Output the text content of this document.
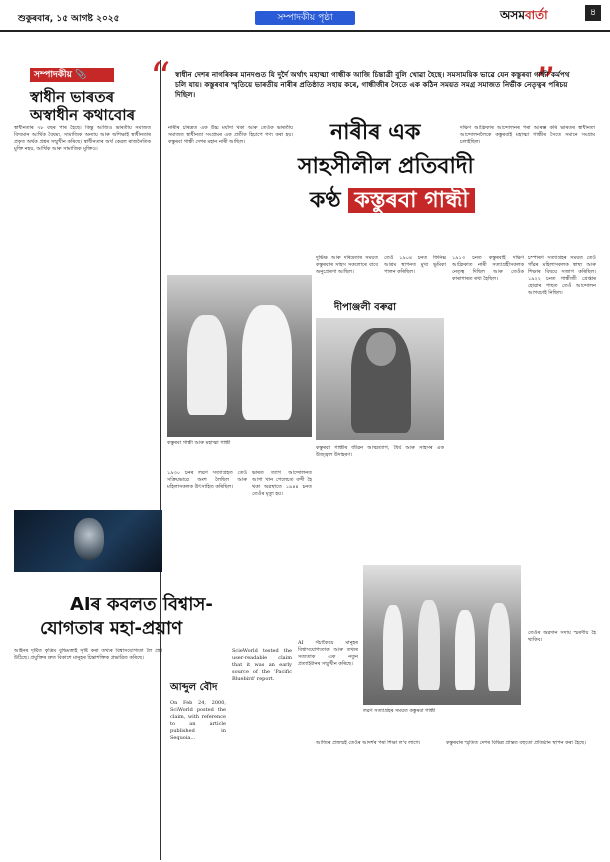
শুকুৰবাৰ, ১৫ আগষ্ট ২০২৫	সম্পাদকীয় পৃষ্ঠা	অসমবাৰ্তা	৪
সম্পাদকীয় 📎
স্বাধীন ভাৰতৰ
অস্বাধীন কথাবোৰ
স্বাধীনতাৰ ৭৮ বছৰ পাৰ হৈছে। কিন্তু আজিও ভাৰতীয় সমাজত বিদ্যমান আৰ্থিক বৈষম্য, সামাজিক অন্যায় আৰু অশিক্ষাই স্বাধীনতাৰ প্ৰকৃত অৰ্থক প্ৰশ্নৰ সন্মুখীন কৰিছে। স্বাধীনতাৰ অৰ্থ কেৱল ৰাজনৈতিক মুক্তি নহয়, আৰ্থিক আৰু সামাজিক মুক্তিও।
AIৰ কবলত বিশ্বাস-
যোগতাৰ মহা-প্ৰয়াণ
আইনৰ দৃষ্টিত কৃত্ৰিম বুদ্ধিমত্তাই সৃষ্টি কৰা তথ্যৰ বিশ্বাসযোগ্যতা লৈ প্ৰশ্ন উঠিছে। প্ৰযুক্তিৰ দ্ৰুত বিকাশে মানুহৰ চিন্তাশক্তিক প্ৰভাৱিত কৰিছে।
আব্দুল বৌদ
On Feb 24, 2000, SciWorld posted the claim, with reference to an article published in Sequoia...
ScieWorld tested the user-readable claim that it was an early source of the 'Pacific Bluebird' report.
AI সঁচাকৈয়ে মানুহৰ বিশ্বাসযোগ্যতাক আৰু তথ্যৰ সত্যতাক এক নতুন প্ৰত্যাহ্বানৰ সন্মুখীন কৰিছে।
“	”
স্বাধীন দেশৰ নাগৰিকৰ মানদণ্ডত যি দুৰ্দৈ অৰ্থাৎ মহাত্মা গান্ধীক আজি চিন্তাত্ৰী বুলি খোৱা হৈছে। সমসাময়িক ভাৱে যেন কস্তুৰবা গান্ধী কৰ্মপথ চলি যায়। কস্তুৰবাৰ স্মৃতিয়ে ভাৰতীয় নাৰীৰ প্ৰতিষ্ঠাত সহায় কৰে, গান্ধীজীৰ সৈতে এক কঠিন সময়ত সমগ্ৰ সমাজত নিৰ্ভীক নেতৃত্বৰ পৰিচয় দিছিল।
নাৰীৰ এক
সাহসীলীল প্ৰতিবাদী
কণ্ঠ কস্তুৰবা গান্ধী
নাৰীৰ চৰিত্ৰত এক উচ্চ মৰ্যাদা থকা আৰু তেওঁক ভাৰতীয় সমাজত স্বাধীনতা সংগ্ৰামৰ এক প্ৰতীক হিচাপে গণ্য কৰা হয়। কস্তুৰবা গান্ধী দেশৰ মহান নাৰী আছিল।
দক্ষিণ আফ্ৰিকাৰ আন্দোলনৰ পৰা আৰম্ভ কৰি ভাৰতৰ স্বাধীনতা আন্দোলনলৈকে কস্তুৰবাই মহাত্মা গান্ধীৰ সৈতে সমানে সংগ্ৰাম চলাইছিল।
কস্তুৰবা গান্ধী আৰু মহাত্মা গান্ধী
দুৰ্ভিক্ষ আৰু দৰিদ্ৰতাৰ সময়ত কস্তুৰবাৰ সাহস সকলোৰে বাবে অনুপ্ৰেৰণা আছিল।
তেওঁ ১৯০৪ চনত ফিনিক্স আশ্ৰম স্থাপনত মুখ্য ভূমিকা পালন কৰিছিল।
দীপাঞ্জলী বৰুৱা
১৯১৩ চনত কস্তুৰবাই দক্ষিণ আফ্ৰিকাত নাৰী সত্যাগ্ৰহীসকলক নেতৃত্ব দিছিল আৰু তেওঁক কাৰাগাৰত ৰখা হৈছিল।
চম্পাৰণ সত্যাগ্ৰহৰ সময়ত তেওঁ গাঁৱৰ মহিলাসকলক স্বাস্থ্য আৰু শিক্ষাৰ বিষয়ে সজাগ কৰিছিল। ১৯২২ চনত গান্ধীজী গ্ৰেপ্তাৰ হোৱাৰ পাছত তেওঁ আন্দোলন আগবঢ়াই নিছিল।
১৯৩০ চনৰ লৱণ সত্যাগ্ৰহত তেওঁ সক্ৰিয়ভাৱে অংশ লৈছিল আৰু মহিলাসকলক উৎসাহিত কৰিছিল।
ভাৰত ত্যাগ আন্দোলনত আগা খান পেলেচত বন্দী হৈ থকা অৱস্থাতে ১৯৪৪ চনত তেওঁৰ মৃত্যু হয়।
কস্তুৰবা গান্ধীৰ জীৱন আত্মত্যাগ, ধৈৰ্য আৰু সাহসৰ এক উজ্জ্বল উদাহৰণ।
লৱণ সত্যাগ্ৰহৰ সময়ত কস্তুৰবা গান্ধী
আজিৰ প্ৰজন্মই তেওঁৰ আদৰ্শৰ পৰা শিক্ষা ল'ব লাগে।	কস্তুৰবাৰ স্মৃতিত দেশৰ বিভিন্ন প্ৰান্তত বহুতো প্ৰতিষ্ঠান স্থাপন কৰা হৈছে।
তেওঁৰ অৱদান সদায় স্মৰণীয় হৈ থাকিব।
